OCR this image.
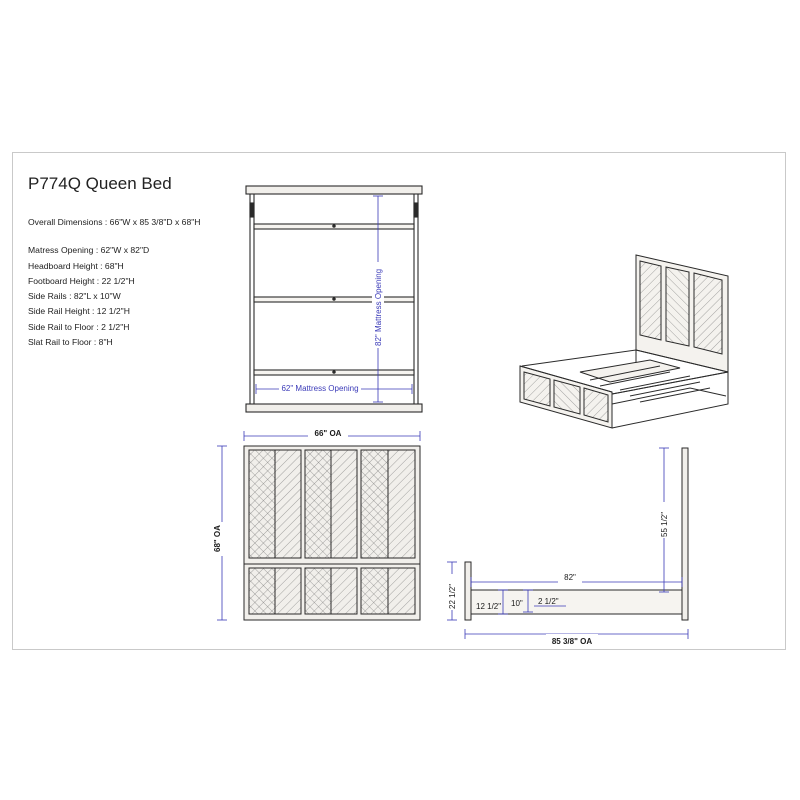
P774Q Queen Bed
Overall Dimensions : 66"W x 85 3/8"D x 68"H
Matress Opening : 62"W x 82"D
Headboard Height : 68"H
Footboard Height : 22 1/2"H
Side Rails : 82"L x 10"W
Side Rail Height : 12 1/2"H
Side Rail to Floor : 2 1/2"H
Slat Rail to Floor : 8"H
62" Mattress Opening
82" Mattress Opening
66" OA
68" OA
55 1/2"
82"
22 1/2" 12 1/2" 10" 2 1/2"
85 3/8" OA
